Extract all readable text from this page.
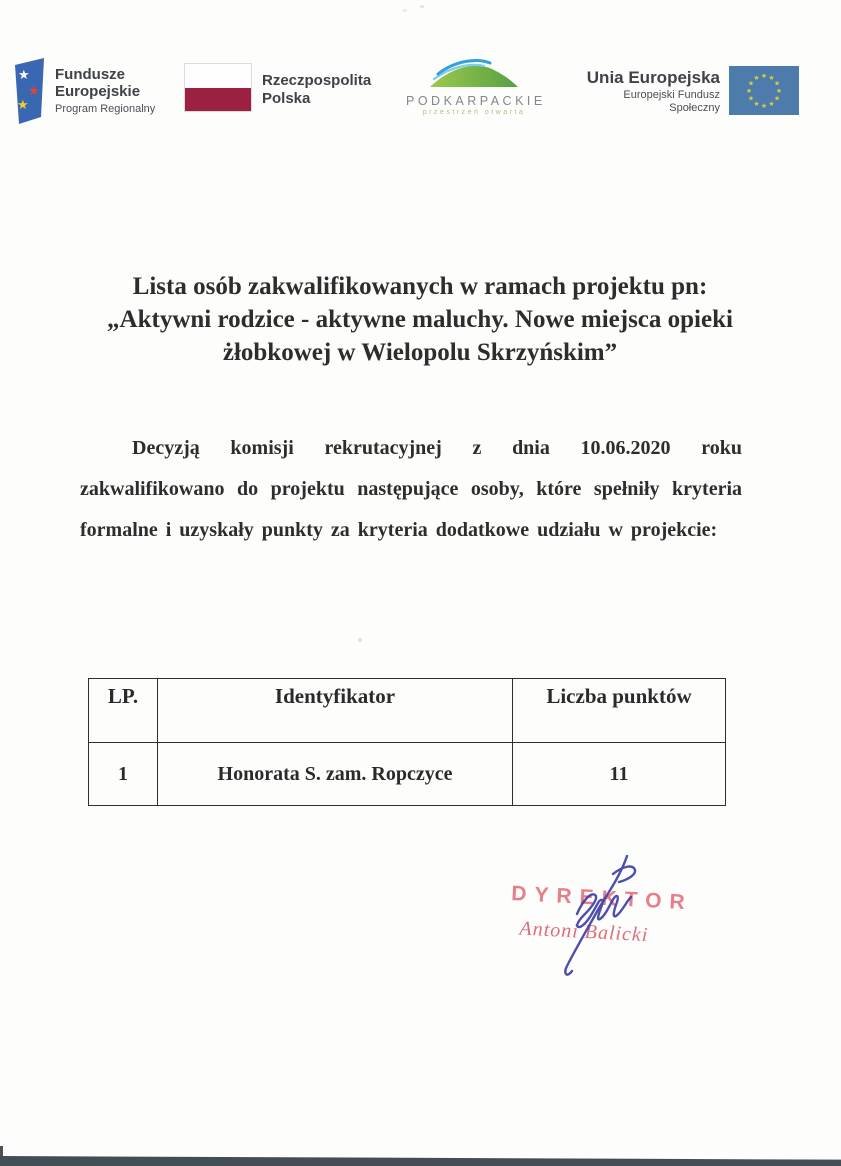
★
★
★
Fundusze
Europejskie
Program Regionalny
Rzeczpospolita
Polska	PODKARPACKIE
przestrzeń otwarta
Unia Europejska
Europejski Fundusz Społeczny
★ ★
★
★
★
★
★
★
★
★
★
★
Lista osób zakwalifikowanych w ramach projektu pn:
„Aktywni rodzice - aktywne maluchy. Nowe miejsca opieki
żłobkowej w Wielopolu Skrzyńskim”
Decyzją komisji rekrutacyjnej z dnia 10.06.2020 roku zakwalifikowano do projektu następujące osoby, które spełniły kryteria formalne i uzyskały punkty za kryteria dodatkowe udziału w projekcie:
LP.	Identyfikator	Liczba punktów
1	Honorata S. zam. Ropczyce	11
DYREKTOR
Antoni Balicki
